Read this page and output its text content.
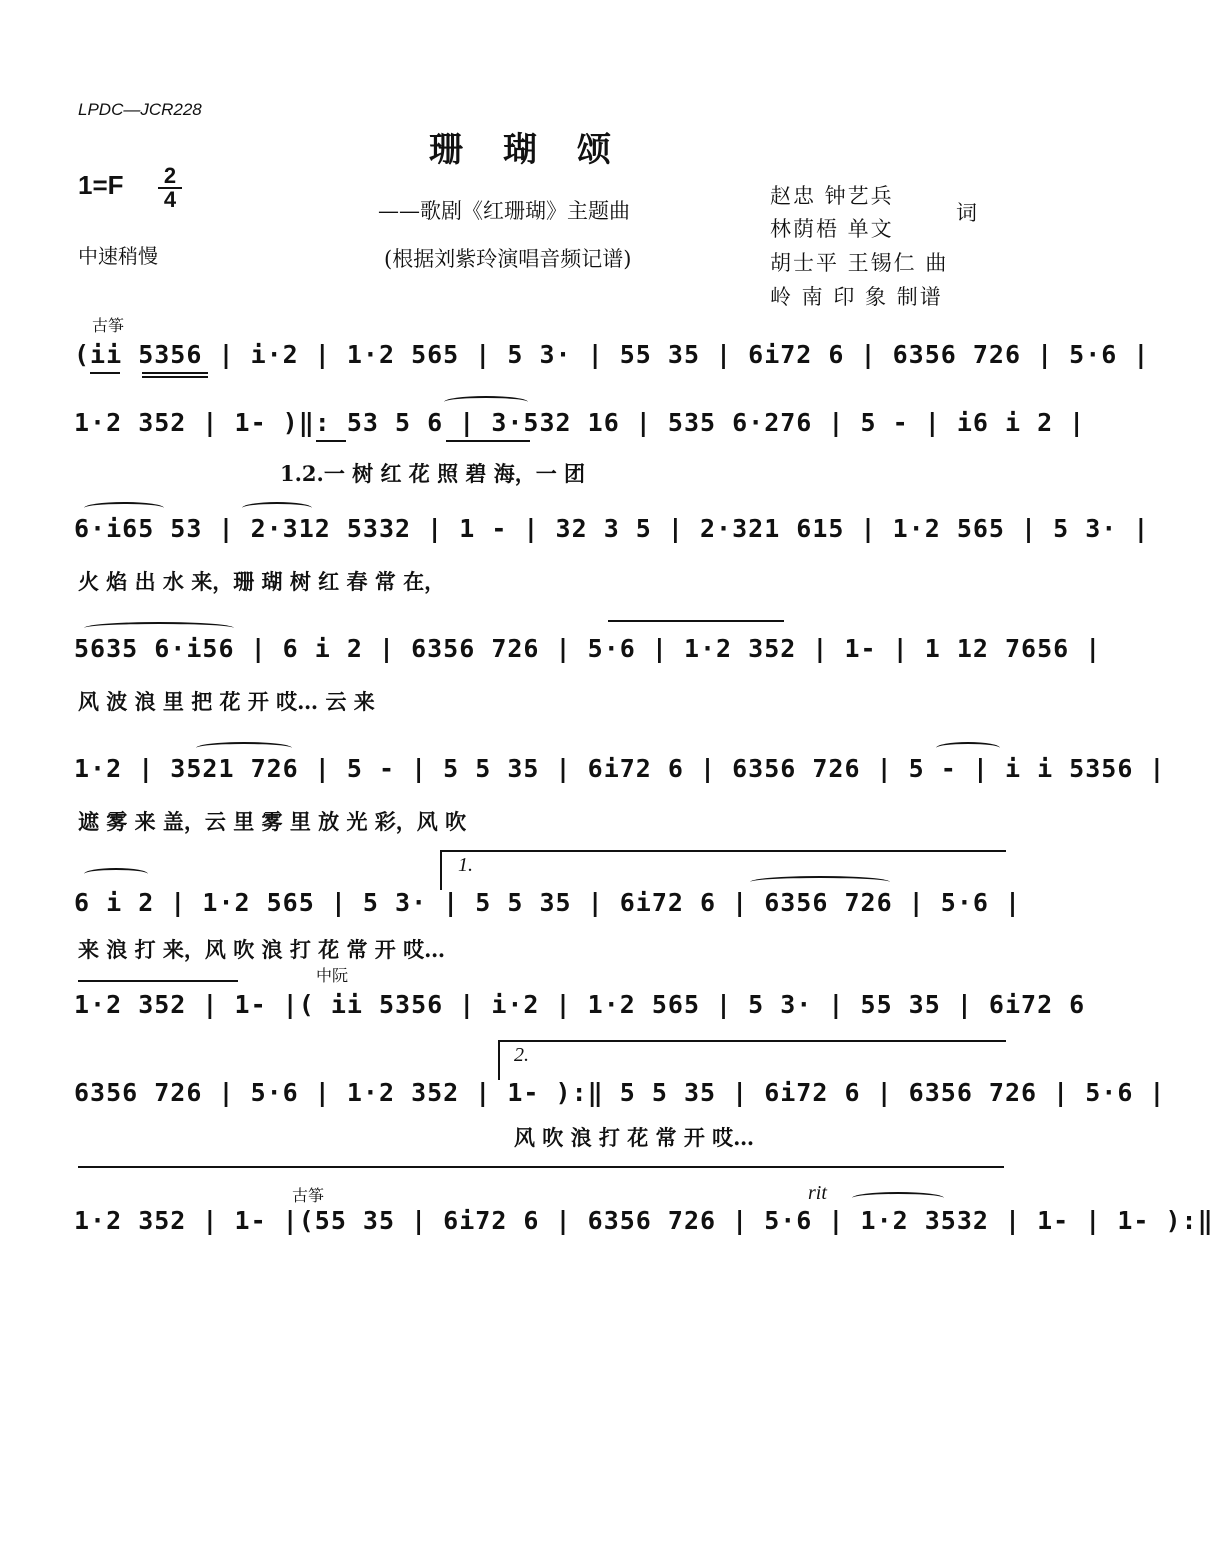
LPDC—JCR228
珊瑚颂
1=F 2
4
中速稍慢
——歌剧《红珊瑚》主题曲
(根据刘紫玲演唱音频记谱)
赵忠 钟艺兵
林荫梧 单文
词
胡士平 王锡仁 曲
岭 南 印 象 制谱
古筝
中阮
古筝	rit
1.
2.
(ii 5356 | i·2 | 1·2 565 | 5 3· | 55 35 | 6i72 6 | 6356 726 | 5·6 |
1·2 352 | 1- )‖: 53 5 6 | 3·532 16 | 535 6·276 | 5 - | i6 i 2 |
1.2.一 树 红 花 照 碧 海，一 团
6·i65 53 | 2·312 5332 | 1 - | 32 3 5 | 2·321 615 | 1·2 565 | 5 3· |
火 焰 出 水 来，珊 瑚 树 红 春 常 在，
5635 6·i56 | 6 i 2 | 6356 726 | 5·6 | 1·2 352 | 1- | 1 12 7656 |
风 波 浪 里 把 花 开 哎… 云 来
1·2 | 3521 726 | 5 - | 5 5 35 | 6i72 6 | 6356 726 | 5 - | i i 5356 |
遮 雾 来 盖，云 里 雾 里 放 光 彩，风 吹
6 i 2 | 1·2 565 | 5 3· | 5 5 35 | 6i72 6 | 6356 726 | 5·6 |
来 浪 打 来，风 吹 浪 打 花 常 开 哎…
1·2 352 | 1- |( ii 5356 | i·2 | 1·2 565 | 5 3· | 55 35 | 6i72 6
6356 726 | 5·6 | 1·2 352 | 1- ):‖ 5 5 35 | 6i72 6 | 6356 726 | 5·6 |
风 吹 浪 打 花 常 开 哎…
1·2 352 | 1- |(55 35 | 6i72 6 | 6356 726 | 5·6 | 1·2 3532 | 1- | 1- ):‖
